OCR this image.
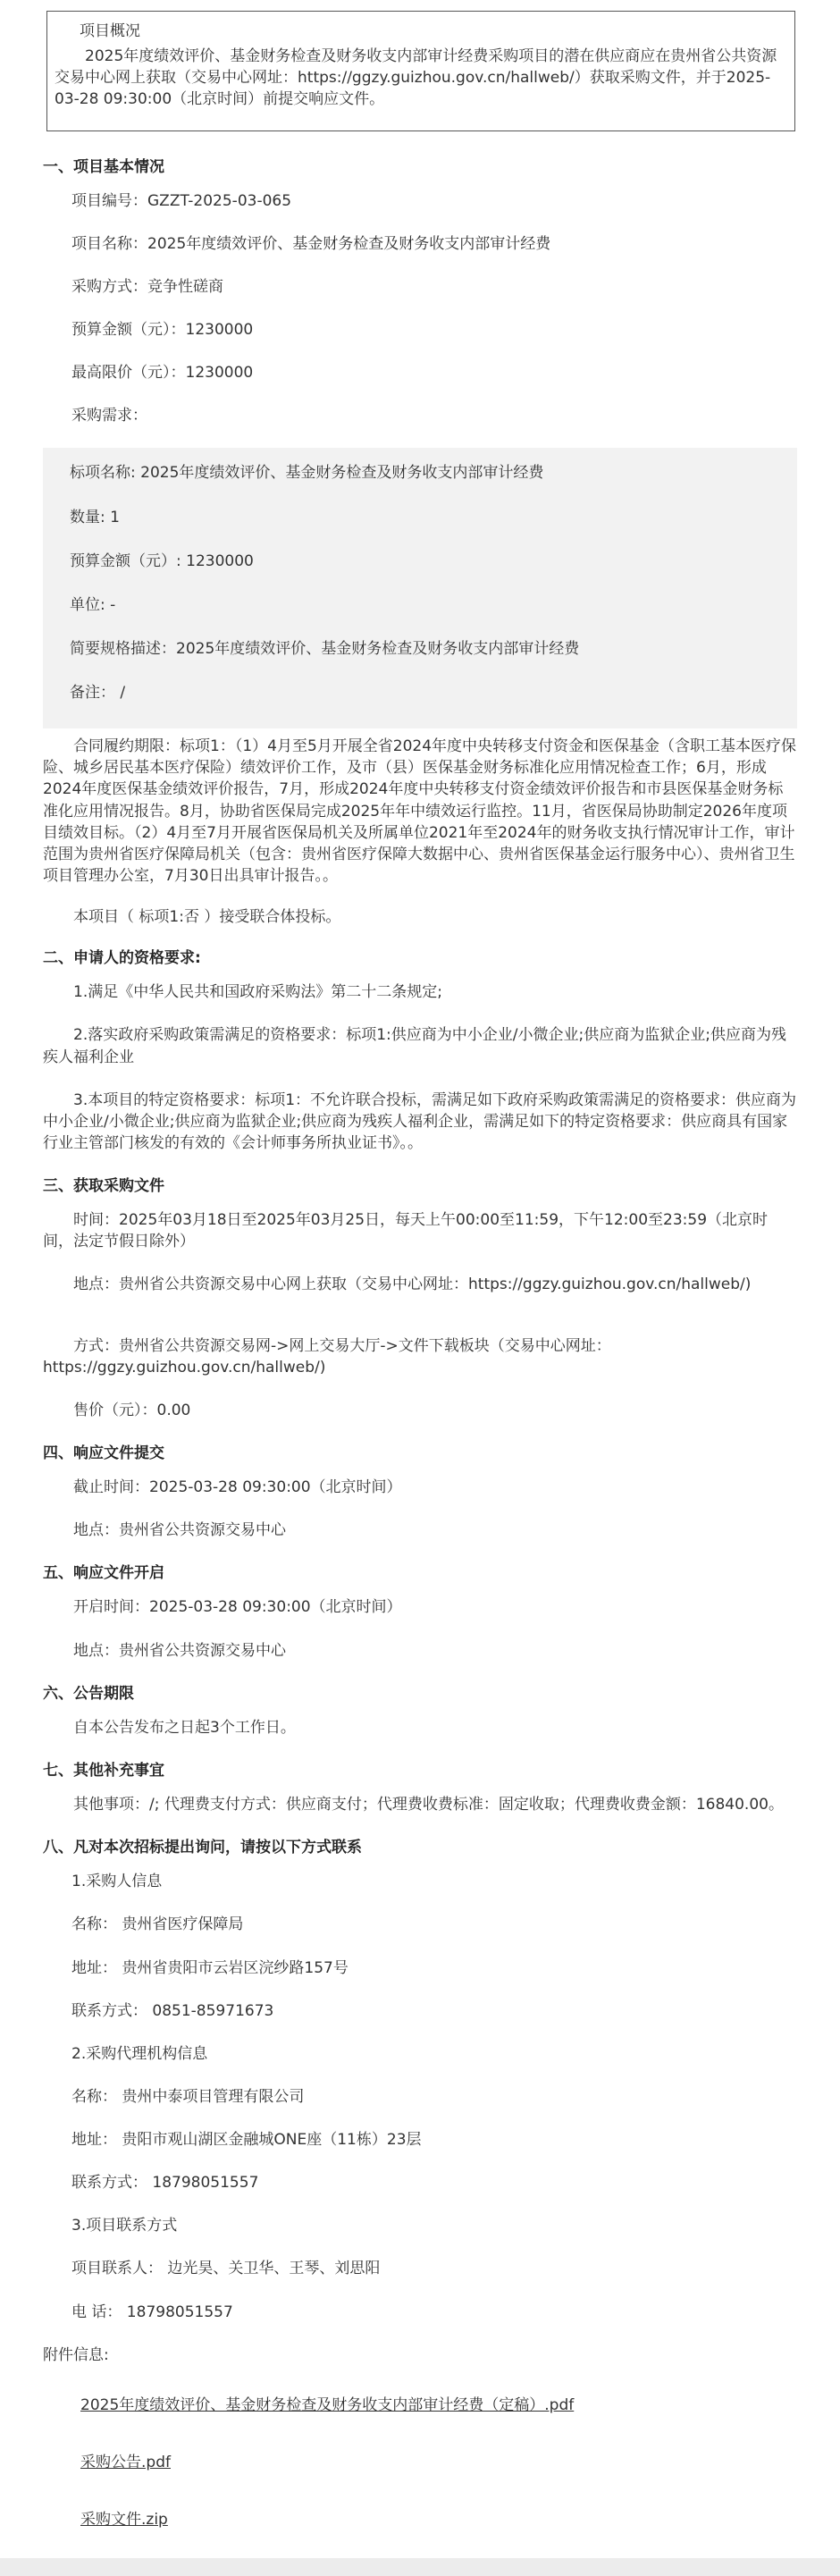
项目概况
2025年度绩效评价、基金财务检查及财务收支内部审计经费采购项目的潜在供应商应在贵州省公共资源交易中心网上获取（交易中心网址：https://ggzy.guizhou.gov.cn/hallweb/）获取采购文件，并于2025-03-28 09:30:00（北京时间）前提交响应文件。
一、项目基本情况
项目编号：GZZT-2025-03-065
项目名称：2025年度绩效评价、基金财务检查及财务收支内部审计经费
采购方式：竞争性磋商
预算金额（元）：1230000
最高限价（元）：1230000
采购需求：
标项名称: 2025年度绩效评价、基金财务检查及财务收支内部审计经费
数量: 1
预算金额（元）: 1230000
单位: -
简要规格描述：2025年度绩效评价、基金财务检查及财务收支内部审计经费
备注： /
合同履约期限：标项1：（1）4月至5月开展全省2024年度中央转移支付资金和医保基金（含职工基本医疗保险、城乡居民基本医疗保险）绩效评价工作，及市（县）医保基金财务标准化应用情况检查工作；6月，形成2024年度医保基金绩效评价报告，7月，形成2024年度中央转移支付资金绩效评价报告和市县医保基金财务标准化应用情况报告。8月，协助省医保局完成2025年年中绩效运行监控。11月，省医保局协助制定2026年度项目绩效目标。（2）4月至7月开展省医保局机关及所属单位2021年至2024年的财务收支执行情况审计工作，审计范围为贵州省医疗保障局机关（包含：贵州省医疗保障大数据中心、贵州省医保基金运行服务中心）、贵州省卫生项目管理办公室，7月30日出具审计报告。。
本项目（ 标项1:否 ）接受联合体投标。
二、申请人的资格要求:
1.满足《中华人民共和国政府采购法》第二十二条规定;
2.落实政府采购政策需满足的资格要求：标项1:供应商为中小企业/小微企业;供应商为监狱企业;供应商为残疾人福利企业
3.本项目的特定资格要求：标项1：不允许联合投标，需满足如下政府采购政策需满足的资格要求：供应商为中小企业/小微企业;供应商为监狱企业;供应商为残疾人福利企业，需满足如下的特定资格要求：供应商具有国家行业主管部门核发的有效的《会计师事务所执业证书》。。
三、获取采购文件
时间：2025年03月18日至2025年03月25日，每天上午00:00至11:59，下午12:00至23:59（北京时间，法定节假日除外）
地点：贵州省公共资源交易中心网上获取（交易中心网址：https://ggzy.guizhou.gov.cn/hallweb/)
方式：贵州省公共资源交易网->网上交易大厅->文件下载板块（交易中心网址：https://ggzy.guizhou.gov.cn/hallweb/)
售价（元）：0.00
四、响应文件提交
截止时间：2025-03-28 09:30:00（北京时间）
地点：贵州省公共资源交易中心
五、响应文件开启
开启时间：2025-03-28 09:30:00（北京时间）
地点：贵州省公共资源交易中心
六、公告期限
自本公告发布之日起3个工作日。
七、其他补充事宜
其他事项：/; 代理费支付方式：供应商支付；代理费收费标准：固定收取；代理费收费金额：16840.00。
八、凡对本次招标提出询问，请按以下方式联系
1.采购人信息
名称： 贵州省医疗保障局
地址： 贵州省贵阳市云岩区浣纱路157号
联系方式： 0851-85971673
2.采购代理机构信息
名称： 贵州中泰项目管理有限公司
地址： 贵阳市观山湖区金融城ONE座（11栋）23层
联系方式： 18798051557
3.项目联系方式
项目联系人： 边光昊、关卫华、王琴、刘思阳
电 话： 18798051557
附件信息:
2025年度绩效评价、基金财务检查及财务收支内部审计经费（定稿）.pdf
采购公告.pdf
采购文件.zip
